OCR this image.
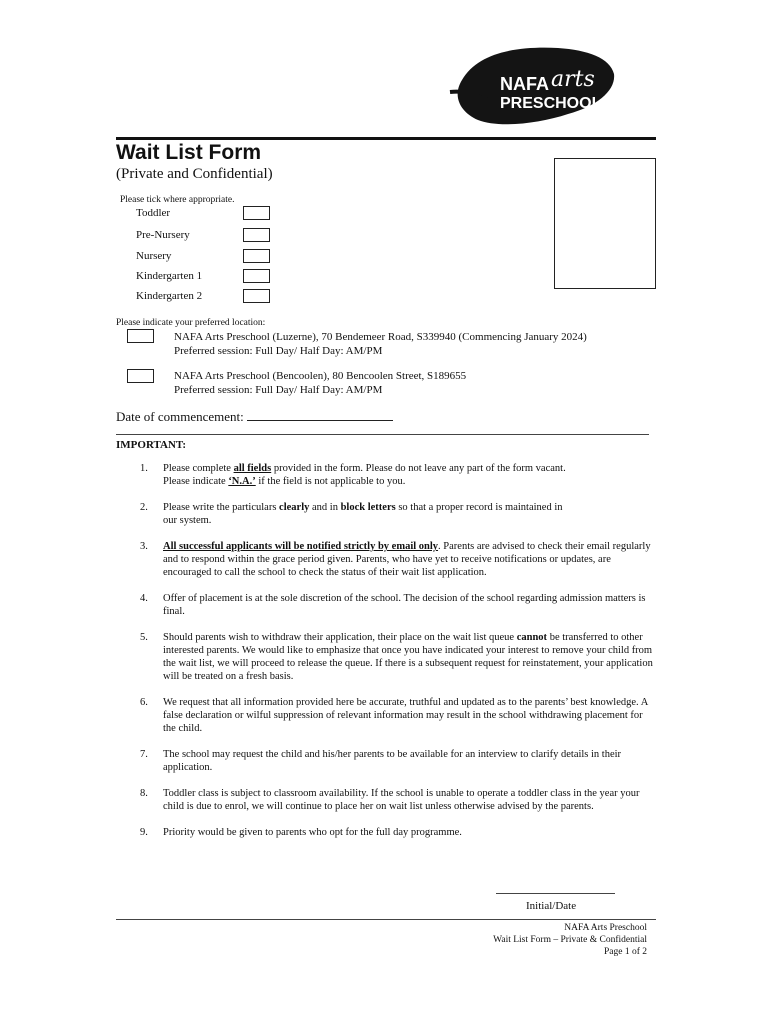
NAFA arts
PRESCHOOL
Wait List Form
(Private and Confidential)
Please tick where appropriate.
Toddler
Pre-Nursery
Nursery
Kindergarten 1
Kindergarten 2
Please indicate your preferred location:
NAFA Arts Preschool (Luzerne), 70 Bendemeer Road, S339940 (Commencing January 2024)
Preferred session: Full Day/ Half Day: AM/PM
NAFA Arts Preschool (Bencoolen), 80 Bencoolen Street, S189655
Preferred session: Full Day/ Half Day: AM/PM
Date of commencement:
IMPORTANT:
1. Please complete all fields provided in the form. Please do not leave any part of the form vacant.
Please indicate ‘N.A.’ if the field is not applicable to you.
2. Please write the particulars clearly and in block letters so that a proper record is maintained in
our system.
3. All successful applicants will be notified strictly by email only. Parents are advised to check their email regularly and to respond within the grace period given. Parents, who have yet to receive notifications or updates, are encouraged to call the school to check the status of their wait list application.
4. Offer of placement is at the sole discretion of the school. The decision of the school regarding admission matters is final.
5. Should parents wish to withdraw their application, their place on the wait list queue cannot be transferred to other interested parents. We would like to emphasize that once you have indicated your interest to remove your child from the wait list, we will proceed to release the queue. If there is a subsequent request for reinstatement, your application will be treated on a fresh basis.
6. We request that all information provided here be accurate, truthful and updated as to the parents’ best knowledge. A false declaration or wilful suppression of relevant information may result in the school withdrawing placement for the child.
7. The school may request the child and his/her parents to be available for an interview to clarify details in their application.
8. Toddler class is subject to classroom availability. If the school is unable to operate a toddler class in the year your child is due to enrol, we will continue to place her on wait list unless otherwise advised by the parents.
9. Priority would be given to parents who opt for the full day programme.
Initial/Date
NAFA Arts Preschool
Wait List Form – Private & Confidential
Page 1 of 2
